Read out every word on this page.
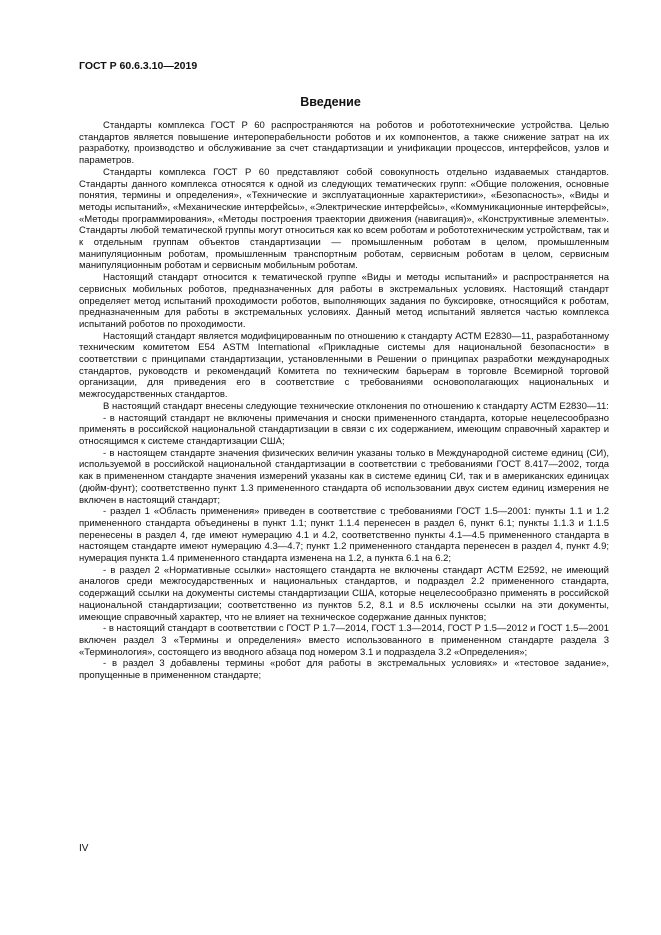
ГОСТ Р 60.6.3.10—2019
Введение

Стандарты комплекса ГОСТ Р 60 распространяются на роботов и робототехнические устройства. Целью стандартов является повышение интероперабельности роботов и их компонентов, а также снижение затрат на их разработку, производство и обслуживание за счет стандартизации и унификации процессов, интерфейсов, узлов и параметров.

Стандарты комплекса ГОСТ Р 60 представляют собой совокупность отдельно издаваемых стандартов. Стандарты данного комплекса относятся к одной из следующих тематических групп: «Общие положения, основные понятия, термины и определения», «Технические и эксплуатационные характеристики», «Безопасность», «Виды и методы испытаний», «Механические интерфейсы», «Электрические интерфейсы», «Коммуникационные интерфейсы», «Методы программирования», «Методы построения траектории движения (навигация)», «Конструктивные элементы». Стандарты любой тематической группы могут относиться как ко всем роботам и робототехническим устройствам, так и к отдельным группам объектов стандартизации — промышленным роботам в целом, промышленным манипуляционным роботам, промышленным транспортным роботам, сервисным роботам в целом, сервисным манипуляционным роботам и сервисным мобильным роботам.

Настоящий стандарт относится к тематической группе «Виды и методы испытаний» и распространяется на сервисных мобильных роботов, предназначенных для работы в экстремальных условиях. Настоящий стандарт определяет метод испытаний проходимости роботов, выполняющих задания по буксировке, относящийся к роботам, предназначенным для работы в экстремальных условиях. Данный метод испытаний является частью комплекса испытаний роботов по проходимости.

Настоящий стандарт является модифицированным по отношению к стандарту АСТМ E2830—11, разработанному техническим комитетом E54 ASTM International «Прикладные системы для национальной безопасности» в соответствии с принципами стандартизации, установленными в Решении о принципах разработки международных стандартов, руководств и рекомендаций Комитета по техническим барьерам в торговле Всемирной торговой организации, для приведения его в соответствие с требованиями основополагающих национальных и межгосударственных стандартов.

В настоящий стандарт внесены следующие технические отклонения по отношению к стандарту АСТМ E2830—11:

- в настоящий стандарт не включены примечания и сноски примененного стандарта, которые нецелесообразно применять в российской национальной стандартизации в связи с их содержанием, имеющим справочный характер и относящимся к системе стандартизации США;

- в настоящем стандарте значения физических величин указаны только в Международной системе единиц (СИ), используемой в российской национальной стандартизации в соответствии с требованиями ГОСТ 8.417—2002, тогда как в примененном стандарте значения измерений указаны как в системе единиц СИ, так и в американских единицах (дюйм-фунт); соответственно пункт 1.3 примененного стандарта об использовании двух систем единиц измерения не включен в настоящий стандарт;

- раздел 1 «Область применения» приведен в соответствие с требованиями ГОСТ 1.5—2001: пункты 1.1 и 1.2 примененного стандарта объединены в пункт 1.1; пункт 1.1.4 перенесен в раздел 6, пункт 6.1; пункты 1.1.3 и 1.1.5 перенесены в раздел 4, где имеют нумерацию 4.1 и 4.2, соответственно пункты 4.1—4.5 примененного стандарта в настоящем стандарте имеют нумерацию 4.3—4.7; пункт 1.2 примененного стандарта перенесен в раздел 4, пункт 4.9; нумерация пункта 1.4 примененного стандарта изменена на 1.2, а пункта 6.1 на 6.2;

- в раздел 2 «Нормативные ссылки» настоящего стандарта не включены стандарт АСТМ E2592, не имеющий аналогов среди межгосударственных и национальных стандартов, и подраздел 2.2 примененного стандарта, содержащий ссылки на документы системы стандартизации США, которые нецелесообразно применять в российской национальной стандартизации; соответственно из пунктов 5.2, 8.1 и 8.5 исключены ссылки на эти документы, имеющие справочный характер, что не влияет на техническое содержание данных пунктов;

- в настоящий стандарт в соответствии с ГОСТ Р 1.7—2014, ГОСТ 1.3—2014, ГОСТ Р 1.5—2012 и ГОСТ 1.5—2001 включен раздел 3 «Термины и определения» вместо использованного в примененном стандарте раздела 3 «Терминология», состоящего из вводного абзаца под номером 3.1 и подраздела 3.2 «Определения»;

- в раздел 3 добавлены термины «робот для работы в экстремальных условиях» и «тестовое задание», пропущенные в примененном стандарте;

IV
